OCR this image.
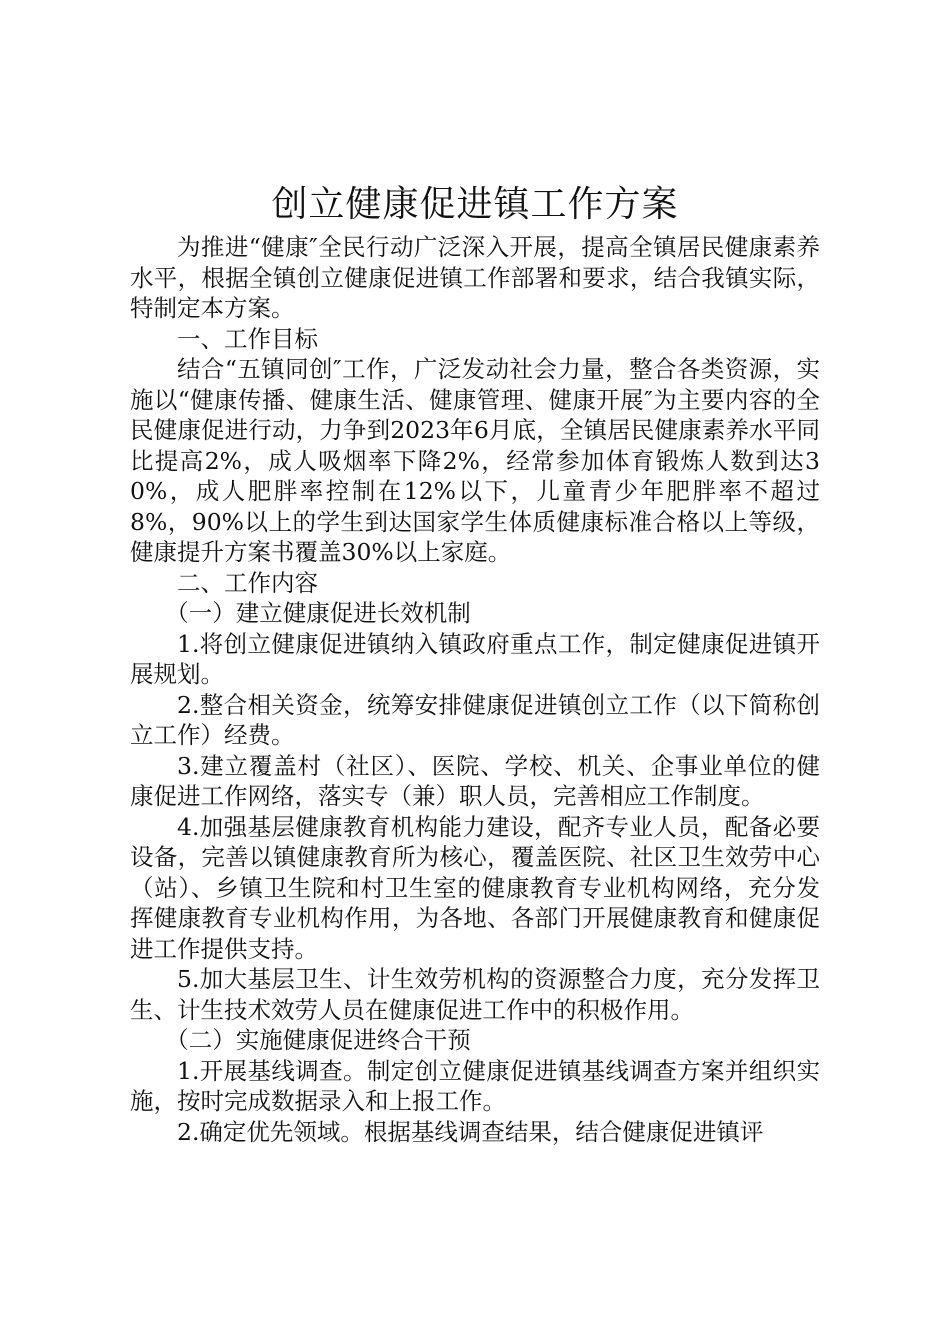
创立健康促进镇工作方案

为推进“健康″全民行动广泛深入开展，提高全镇居民健康素养水平，根据全镇创立健康促进镇工作部署和要求，结合我镇实际，特制定本方案。

一、工作目标

结合“五镇同创″工作，广泛发动社会力量，整合各类资源，实施以“健康传播、健康生活、健康管理、健康开展″为主要内容的全民健康促进行动，力争到2023年6月底，全镇居民健康素养水平同比提高2%，成人吸烟率下降2%，经常参加体育锻炼人数到达30%，成人肥胖率控制在12%以下，儿童青少年肥胖率不超过8%，90%以上的学生到达国家学生体质健康标准合格以上等级，健康提升方案书覆盖30%以上家庭。

二、工作内容

（一）建立健康促进长效机制

1.将创立健康促进镇纳入镇政府重点工作，制定健康促进镇开展规划。

2.整合相关资金，统筹安排健康促进镇创立工作（以下简称创立工作）经费。

3.建立覆盖村（社区）、医院、学校、机关、企事业单位的健康促进工作网络，落实专（兼）职人员，完善相应工作制度。

4.加强基层健康教育机构能力建设，配齐专业人员，配备必要设备，完善以镇健康教育所为核心，覆盖医院、社区卫生效劳中心（站）、乡镇卫生院和村卫生室的健康教育专业机构网络，充分发挥健康教育专业机构作用，为各地、各部门开展健康教育和健康促进工作提供支持。

5.加大基层卫生、计生效劳机构的资源整合力度，充分发挥卫生、计生技术效劳人员在健康促进工作中的积极作用。

（二）实施健康促进终合干预

1.开展基线调查。制定创立健康促进镇基线调查方案并组织实施，按时完成数据录入和上报工作。

2.确定优先领域。根据基线调查结果，结合健康促进镇评
